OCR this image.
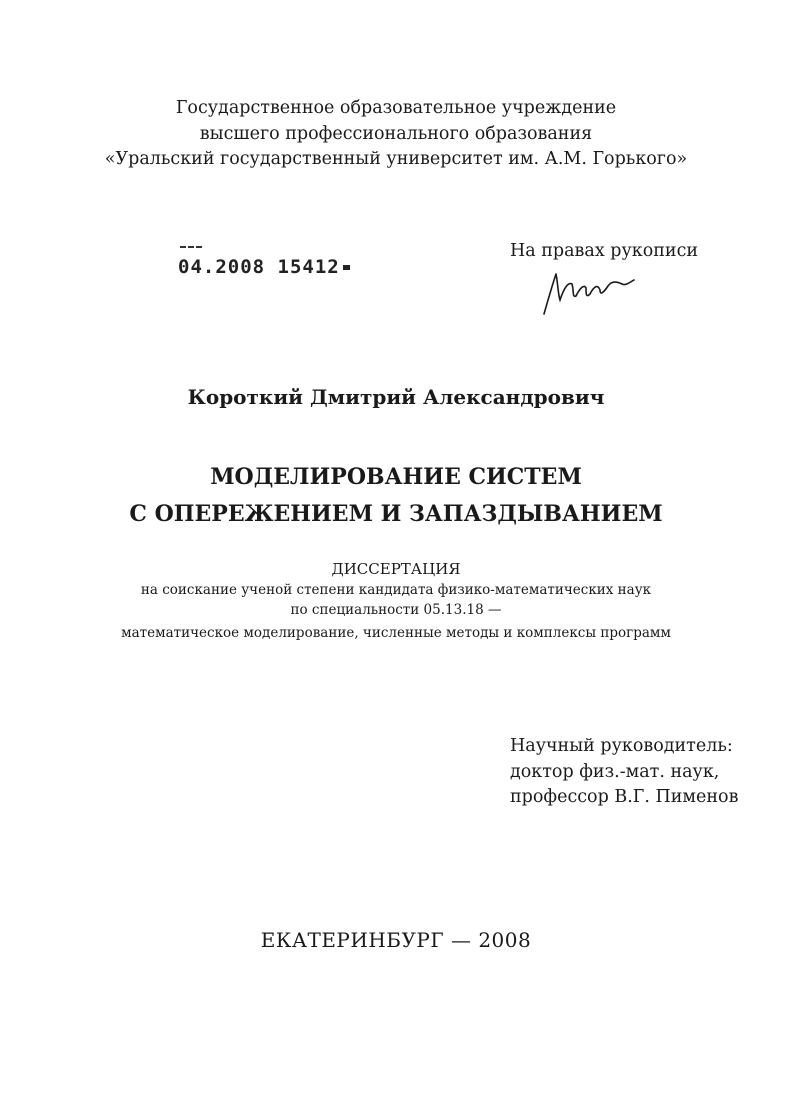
Государственное образовательное учреждение
высшего профессионального образования
«Уральский государственный университет им. А.М. Горького»
04.2008 15412
На правах рукописи
Короткий Дмитрий Александрович
МОДЕЛИРОВАНИЕ СИСТЕМ
С ОПЕРЕЖЕНИЕМ И ЗАПАЗДЫВАНИЕМ
ДИССЕРТАЦИЯ
на соискание ученой степени кандидата физико-математических наук
по специальности 05.13.18 —
математическое моделирование, численные методы и комплексы программ
Научный руководитель:
доктор физ.-мат. наук,
профессор В.Г. Пименов
ЕКАТЕРИНБУРГ — 2008
